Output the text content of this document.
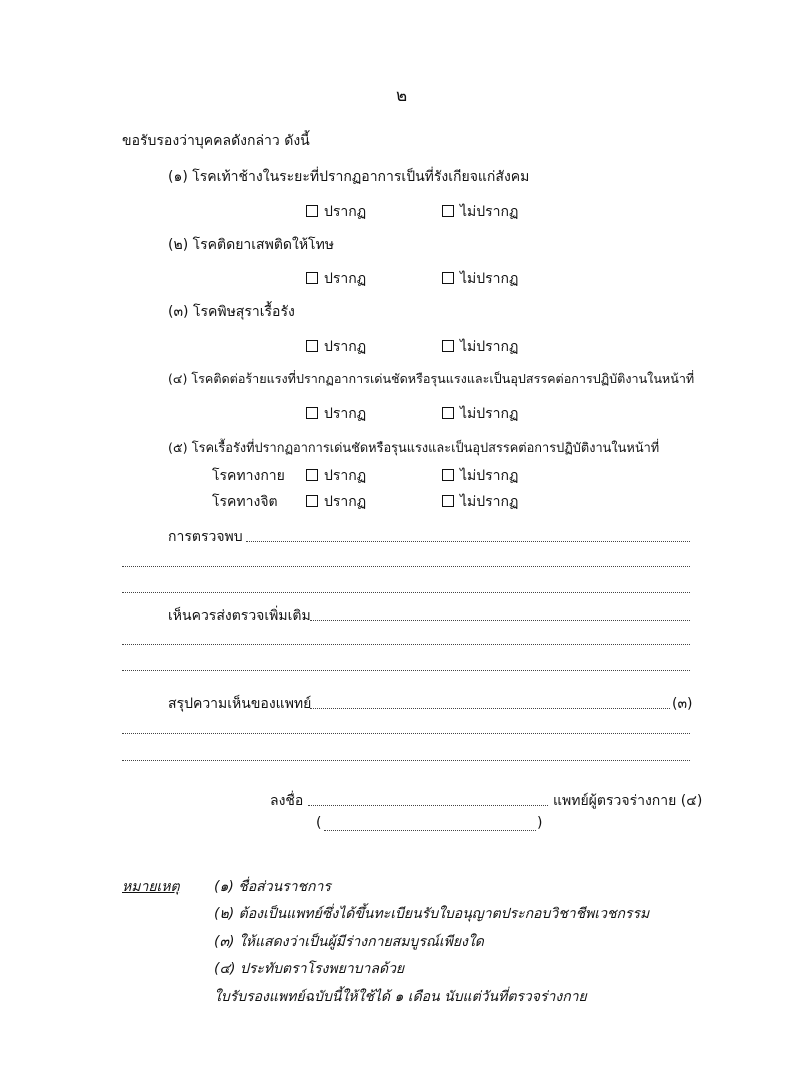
๒
ขอรับรองว่าบุคคลดังกล่าว ดังนี้
(๑) โรคเท้าช้างในระยะที่ปรากฏอาการเป็นที่รังเกียจแก่สังคม
ปรากฏ	ไม่ปรากฏ
(๒) โรคติดยาเสพติดให้โทษ
ปรากฏ	ไม่ปรากฏ
(๓) โรคพิษสุราเรื้อรัง
ปรากฏ	ไม่ปรากฏ
(๔) โรคติดต่อร้ายแรงที่ปรากฏอาการเด่นชัดหรือรุนแรงและเป็นอุปสรรคต่อการปฏิบัติงานในหน้าที่
ปรากฏ	ไม่ปรากฏ
(๕) โรคเรื้อรังที่ปรากฏอาการเด่นชัดหรือรุนแรงและเป็นอุปสรรคต่อการปฏิบัติงานในหน้าที่
โรคทางกาย	ปรากฏ	ไม่ปรากฏ
โรคทางจิต	ปรากฏ	ไม่ปรากฏ
การตรวจพบ
เห็นควรส่งตรวจเพิ่มเติม
สรุปความเห็นของแพทย์	(๓)
ลงชื่อ	แพทย์ผู้ตรวจร่างกาย (๔)
(	)
หมายเหตุ (๑) ชื่อส่วนราชการ
(๒) ต้องเป็นแพทย์ซึ่งได้ขึ้นทะเบียนรับใบอนุญาตประกอบวิชาชีพเวชกรรม
(๓) ให้แสดงว่าเป็นผู้มีร่างกายสมบูรณ์เพียงใด
(๔) ประทับตราโรงพยาบาลด้วย
ใบรับรองแพทย์ฉบับนี้ให้ใช้ได้ ๑ เดือน นับแต่วันที่ตรวจร่างกาย
